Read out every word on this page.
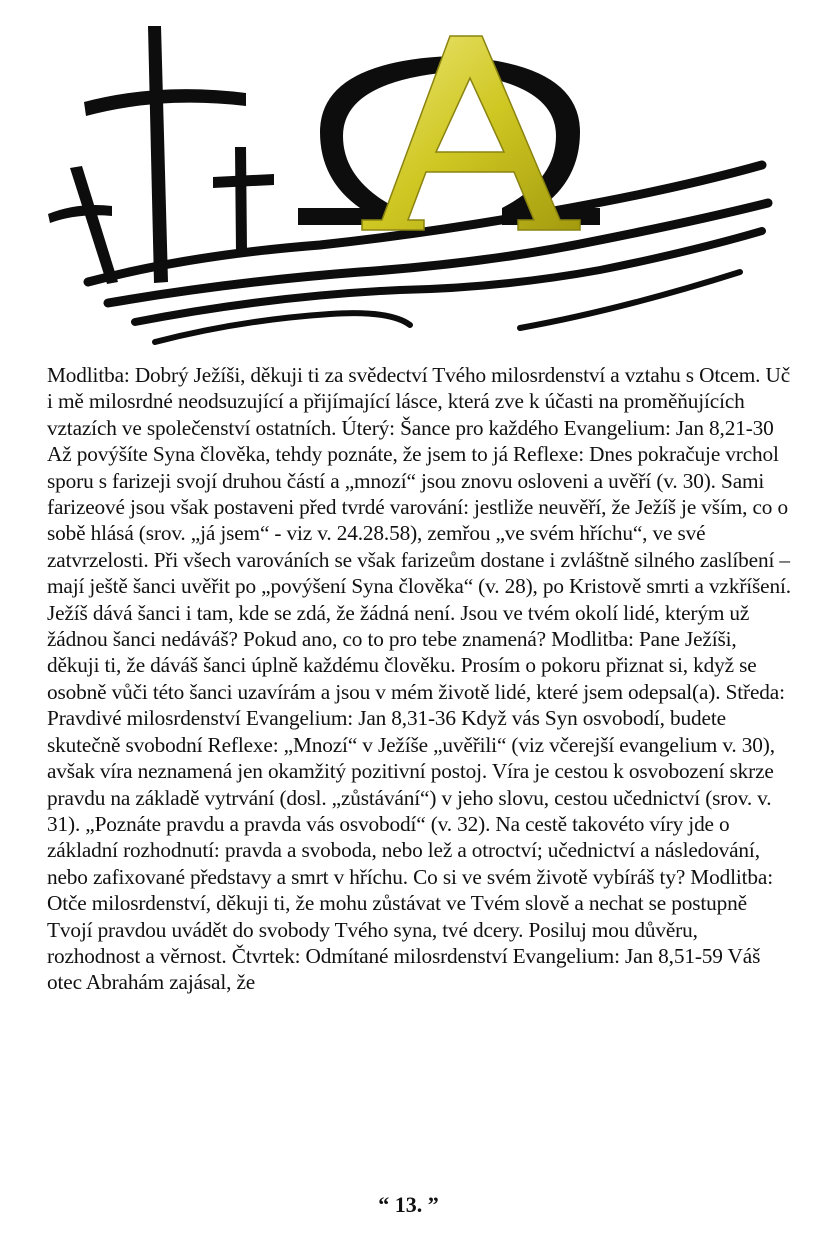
Modlitba: Dobrý Ježíši, děkuji ti za svědectví Tvého milosrdenství a vztahu s Otcem. Uč i mě milosrdné neodsuzující a přijímající lásce, která zve k účasti na proměňujících vztazích ve společenství ostatních. Úterý: Šance pro každého Evangelium: Jan 8,21-30 Až povýšíte Syna člověka, tehdy poznáte, že jsem to já Reflexe: Dnes pokračuje vrchol sporu s farizeji svojí druhou částí a „mnozí“ jsou znovu osloveni a uvěří (v. 30). Sami farizeové jsou však postaveni před tvrdé varování: jestliže neuvěří, že Ježíš je vším, co o sobě hlásá (srov. „já jsem“ - viz v. 24.28.58), zemřou „ve svém hříchu“, ve své zatvrzelosti. Při všech varováních se však farizeům dostane i zvláštně silného zaslíbení – mají ještě šanci uvěřit po „povýšení Syna člověka“ (v. 28), po Kristově smrti a vzkříšení. Ježíš dává šanci i tam, kde se zdá, že žádná není. Jsou ve tvém okolí lidé, kterým už žádnou šanci nedáváš? Pokud ano, co to pro tebe znamená? Modlitba: Pane Ježíši, děkuji ti, že dáváš šanci úplně každému člověku. Prosím o pokoru přiznat si, když se osobně vůči této šanci uzavírám a jsou v mém životě lidé, které jsem odepsal(a). Středa: Pravdivé milosrdenství Evangelium: Jan 8,31-36 Když vás Syn osvobodí, budete skutečně svobodní Reflexe: „Mnozí“ v Ježíše „uvěřili“ (viz včerejší evangelium v. 30), avšak víra neznamená jen okamžitý pozitivní postoj. Víra je cestou k osvobození skrze pravdu na základě vytrvání (dosl. „zůstávání“) v jeho slovu, cestou učednictví (srov. v. 31). „Poznáte pravdu a pravda vás osvobodí“ (v. 32). Na cestě takovéto víry jde o základní rozhodnutí: pravda a svoboda, nebo lež a otroctví; učednictví a následování, nebo zafixované představy a smrt v hříchu. Co si ve svém životě vybíráš ty? Modlitba: Otče milosrdenství, děkuji ti, že mohu zůstávat ve Tvém slově a nechat se postupně Tvojí pravdou uvádět do svobody Tvého syna, tvé dcery. Posiluj mou důvěru, rozhodnost a věrnost. Čtvrtek: Odmítané milosrdenství Evangelium: Jan 8,51-59 Váš otec Abrahám zajásal, že
“ 13. ”
